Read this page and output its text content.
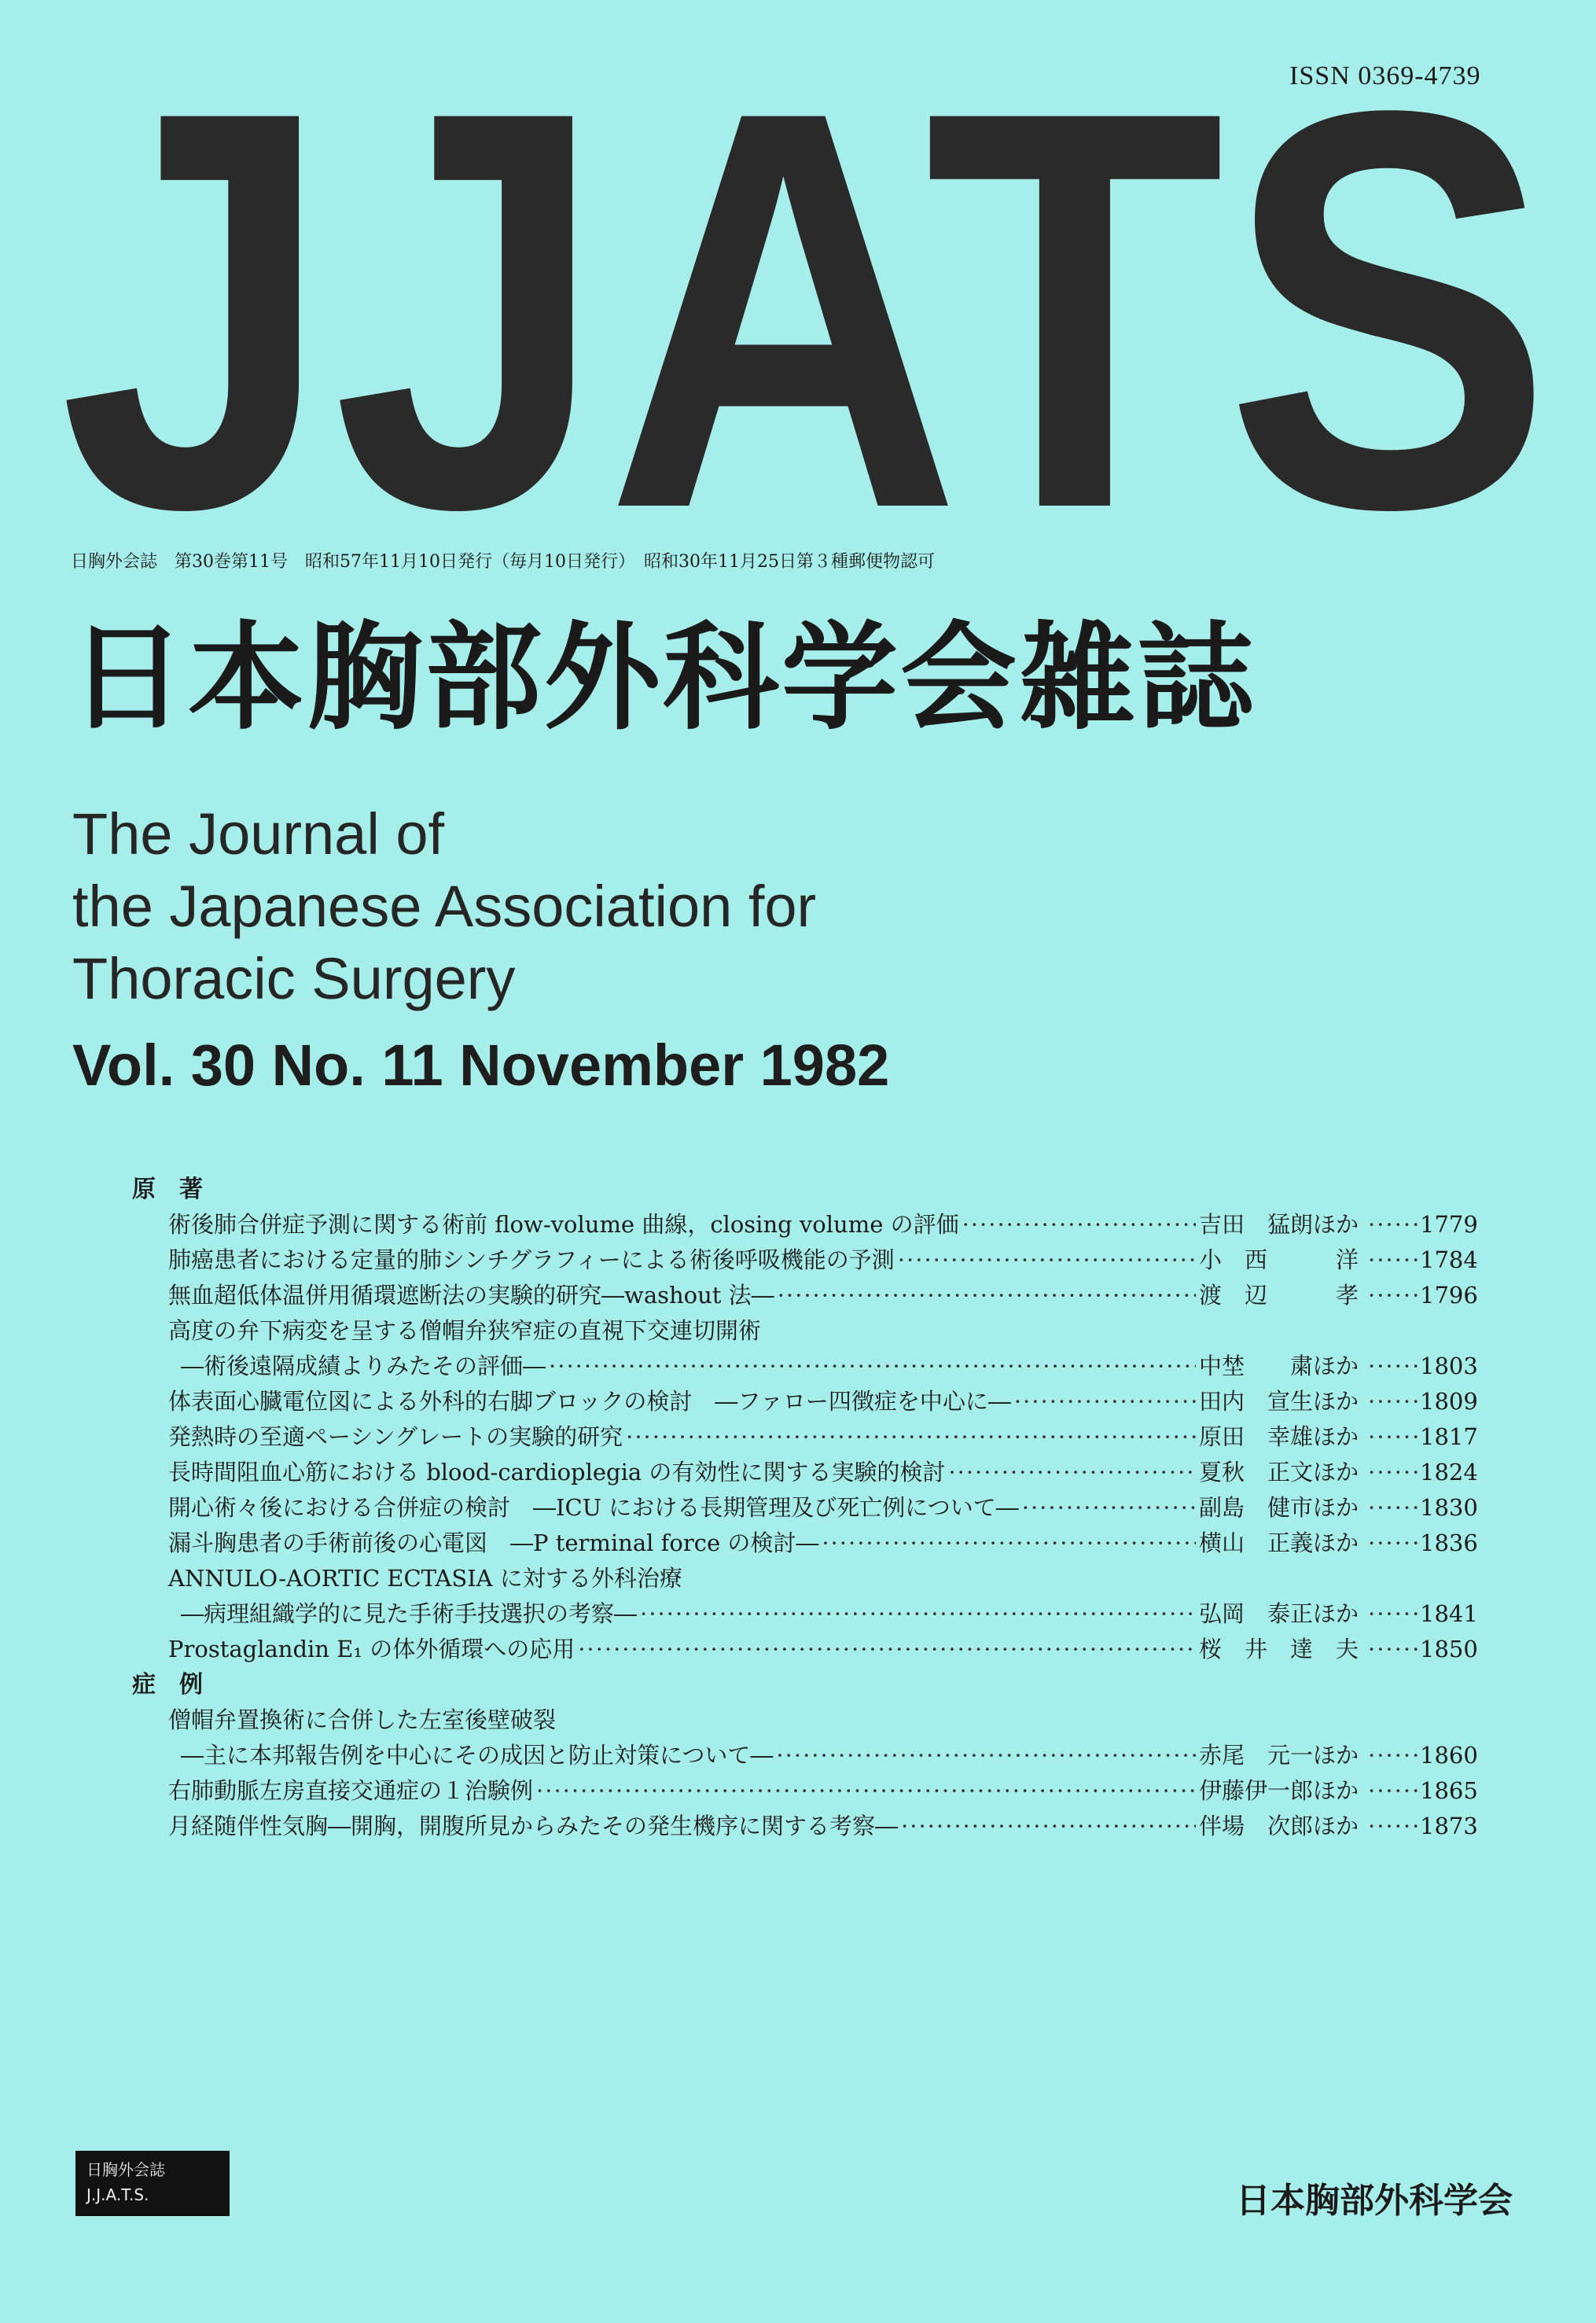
ISSN 0369-4739
JJATS
日胸外会誌　第30巻第11号　昭和57年11月10日発行（毎月10日発行）　昭和30年11月25日第３種郵便物認可
日本胸部外科学会雑誌
The Journal of
the Japanese Association for
Thoracic Surgery
Vol. 30 No. 11 November 1982
原著
術後肺合併症予測に関する術前 flow-volume 曲線，closing volume の評価 ·····	吉田　猛朗ほか ·····	1779
肺癌患者における定量的肺シンチグラフィーによる術後呼吸機能の予測 ·····	小　西　　　洋 ·····	1784
無血超低体温併用循環遮断法の実験的研究―washout 法― ·····	渡　辺　　　孝 ·····	1796
高度の弁下病変を呈する僧帽弁狭窄症の直視下交連切開術
―術後遠隔成績よりみたその評価― ·····	中埜　　粛ほか ·····	1803
体表面心臓電位図による外科的右脚ブロックの検討　―ファロー四徴症を中心に― ·····	田内　宣生ほか ·····	1809
発熱時の至適ペーシングレートの実験的研究 ·····	原田　幸雄ほか ·····	1817
長時間阻血心筋における blood-cardioplegia の有効性に関する実験的検討 ·····	夏秋　正文ほか ·····	1824
開心術々後における合併症の検討　―ICU における長期管理及び死亡例について― ·····	副島　健市ほか ·····	1830
漏斗胸患者の手術前後の心電図　―P terminal force の検討― ·····	横山　正義ほか ·····	1836
ANNULO-AORTIC ECTASIA に対する外科治療
―病理組織学的に見た手術手技選択の考察― ·····	弘岡　泰正ほか ·····	1841
Prostaglandin E₁ の体外循環への応用 ·····	桜　井　達　夫 ·····	1850
症例
僧帽弁置換術に合併した左室後壁破裂
―主に本邦報告例を中心にその成因と防止対策について― ·····	赤尾　元一ほか ·····	1860
右肺動脈左房直接交通症の１治験例 ·····	伊藤伊一郎ほか ·····	1865
月経随伴性気胸―開胸，開腹所見からみたその発生機序に関する考察― ·····	伴場　次郎ほか ·····	1873
日胸外会誌
J.J.A.T.S.	日本胸部外科学会
